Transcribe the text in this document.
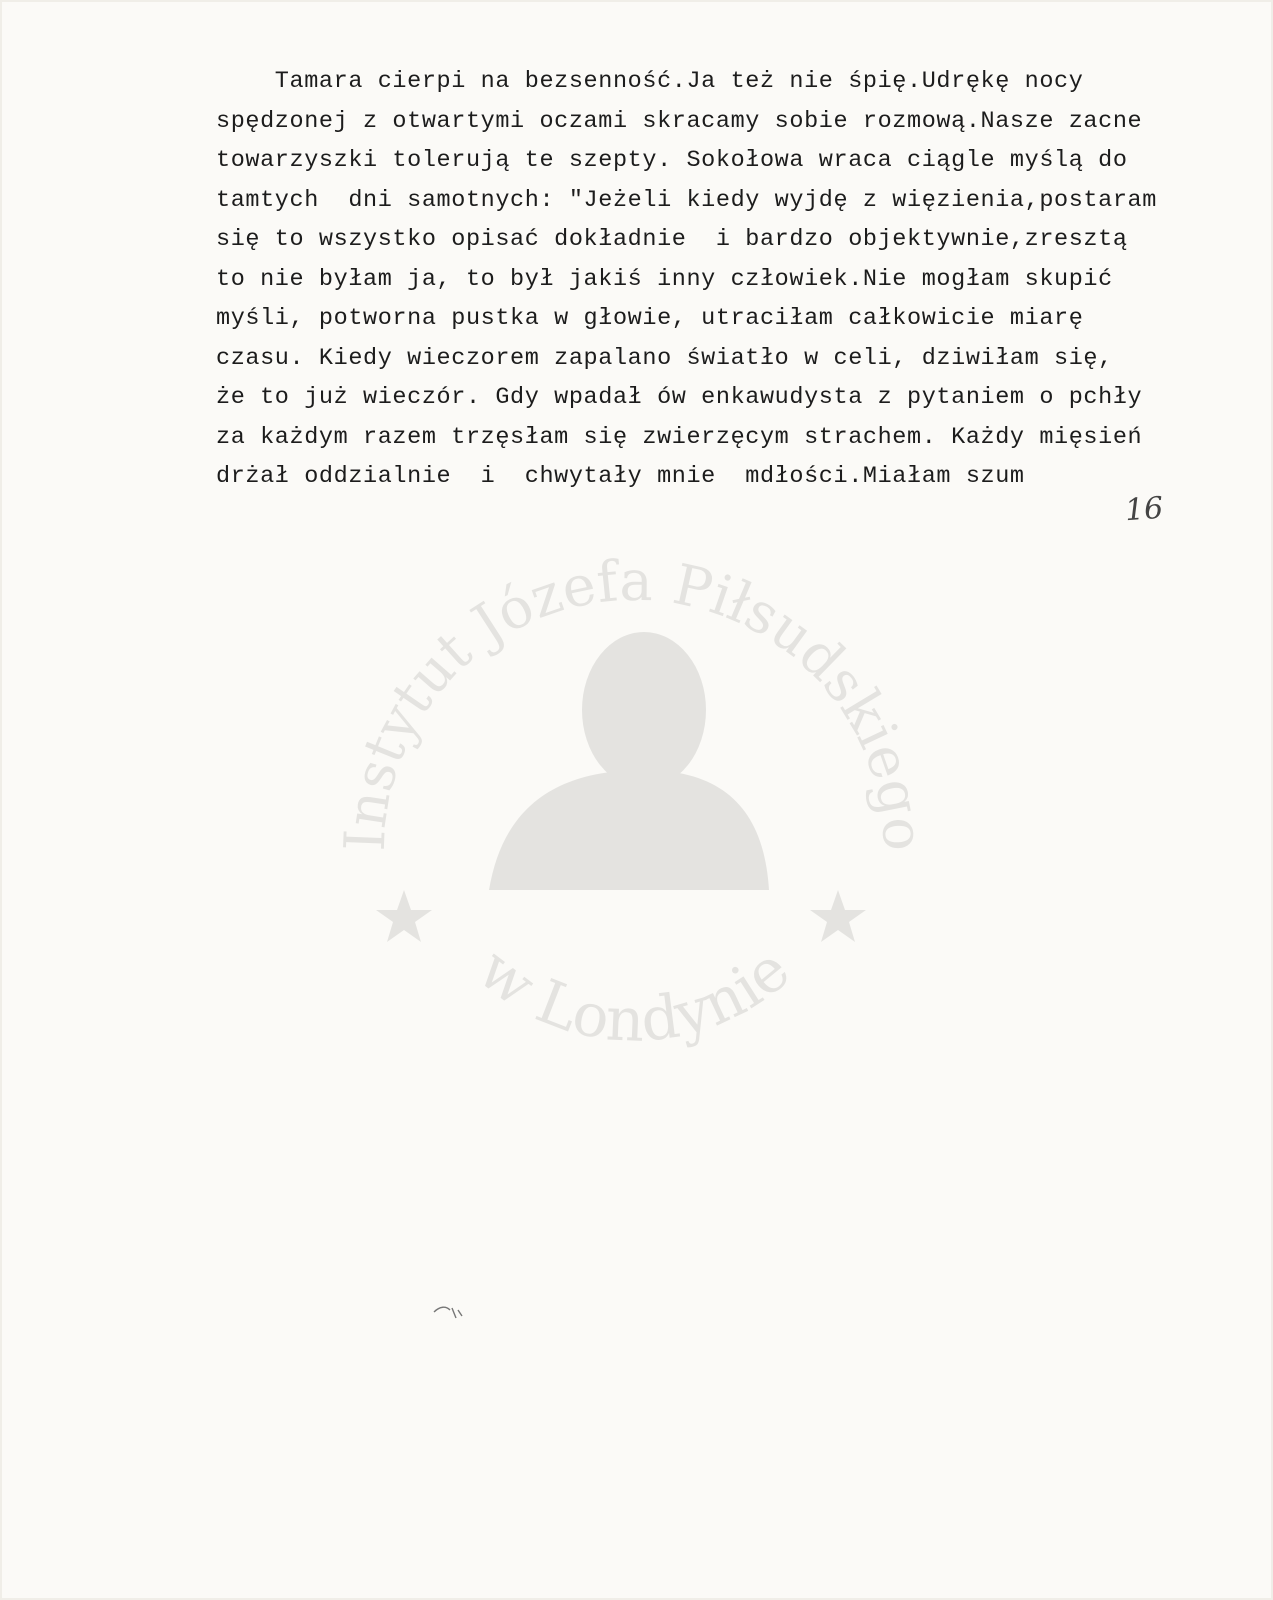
Instytut Józefa Piłsudskiego
w Londynie
Tamara cierpi na bezsenność.Ja też nie śpię.Udrękę nocy
spędzonej z otwartymi oczami skracamy sobie rozmową.Nasze zacne
towarzyszki tolerują te szepty. Sokołowa wraca ciągle myślą do
tamtych  dni samotnych: "Jeżeli kiedy wyjdę z więzienia,postaram
się to wszystko opisać dokładnie  i bardzo objektywnie,zresztą
to nie byłam ja, to był jakiś inny człowiek.Nie mogłam skupić
myśli, potworna pustka w głowie, utraciłam całkowicie miarę
czasu. Kiedy wieczorem zapalano światło w celi, dziwiłam się,
że to już wieczór. Gdy wpadał ów enkawudysta z pytaniem o pchły
za każdym razem trzęsłam się zwierzęcym strachem. Każdy mięsień
drżał oddzialnie  i  chwytały mnie  mdłości.Miałam szum
16
